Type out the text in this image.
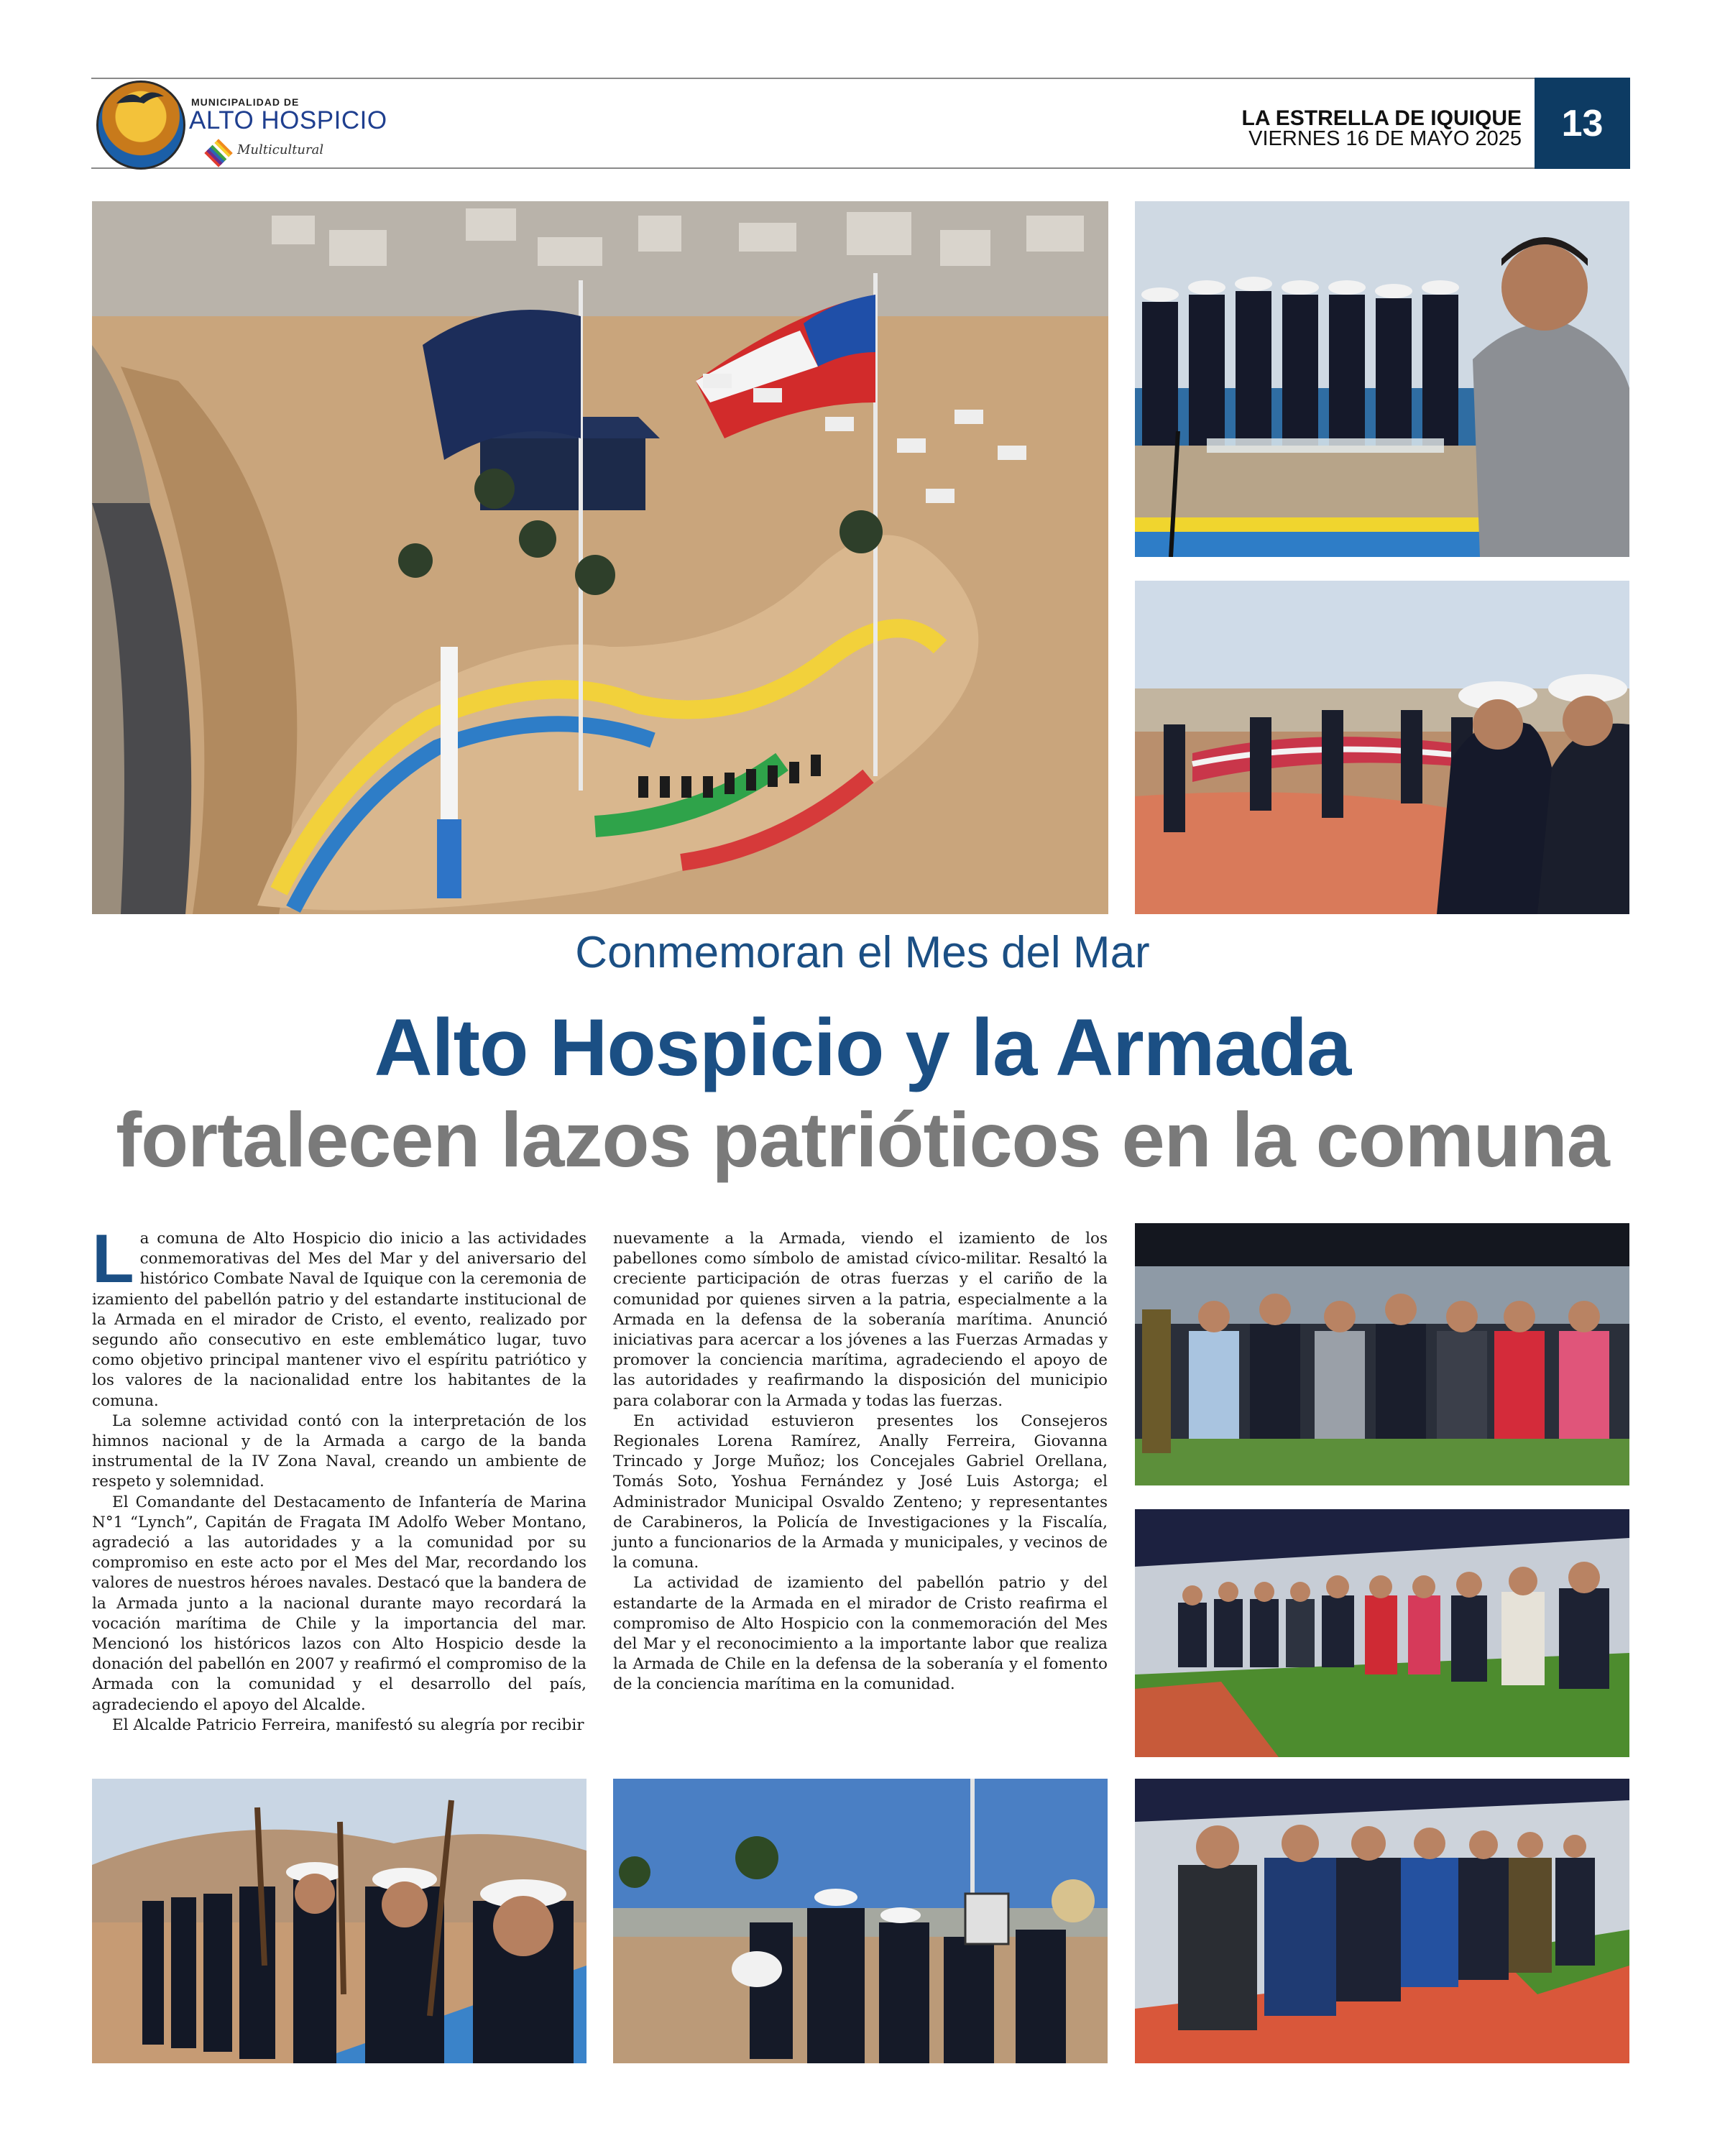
MUNICIPALIDAD DE
ALTO HOSPICIO
Multicultural
LA ESTRELLA DE IQUIQUE
VIERNES 16 DE MAYO 2025	13
Conmemoran el Mes del Mar
Alto Hospicio y la Armada
fortalecen lazos patrióticos en la comuna

La comuna de Alto Hospicio dio inicio a las actividades conmemorativas del Mes del Mar y del aniversario del histórico Combate Naval de Iquique con la ceremonia de izamiento del pabellón patrio y del estandarte institucional de la Armada en el mirador de Cristo, el evento, realizado por segundo año consecutivo en este emblemático lugar, tuvo como objetivo principal mantener vivo el espíritu patriótico y los valores de la nacionalidad entre los habitantes de la comuna.

La solemne actividad contó con la interpretación de los himnos nacional y de la Armada a cargo de la banda instrumental de la IV Zona Naval, creando un ambiente de respeto y solemnidad.

El Comandante del Destacamento de Infantería de Marina N°1 “Lynch”, Capitán de Fragata IM Adolfo Weber Montano, agradeció a las autoridades y a la comunidad por su compromiso en este acto por el Mes del Mar, recordando los valores de nuestros héroes navales. Destacó que la bandera de la Armada junto a la nacional durante mayo recordará la vocación marítima de Chile y la importancia del mar. Mencionó los históricos lazos con Alto Hospicio desde la donación del pabellón en 2007 y reafirmó el compromiso de la Armada con la comunidad y el desarrollo del país, agradeciendo el apoyo del Alcalde.

El Alcalde Patricio Ferreira, manifestó su alegría por recibir

nuevamente a la Armada, viendo el izamiento de los pabellones como símbolo de amistad cívico-militar. Resaltó la creciente participación de otras fuerzas y el cariño de la comunidad por quienes sirven a la patria, especialmente a la Armada en la defensa de la soberanía marítima. Anunció iniciativas para acercar a los jóvenes a las Fuerzas Armadas y promover la conciencia marítima, agradeciendo el apoyo de las autoridades y reafirmando la disposición del municipio para colaborar con la Armada y todas las fuerzas.

En actividad estuvieron presentes los Consejeros Regionales Lorena Ramírez, Anally Ferreira, Giovanna Trincado y Jorge Muñoz; los Concejales Gabriel Orellana, Tomás Soto, Yoshua Fernández y José Luis Astorga; el Administrador Municipal Osvaldo Zenteno; y representantes de Carabineros, la Policía de Investigaciones y la Fiscalía, junto a funcionarios de la Armada y municipales, y vecinos de la comuna.

La actividad de izamiento del pabellón patrio y del estandarte de la Armada en el mirador de Cristo reafirma el compromiso de Alto Hospicio con la conmemoración del Mes del Mar y el reconocimiento a la importante labor que realiza la Armada de Chile en la defensa de la soberanía y el fomento de la conciencia marítima en la comunidad.
